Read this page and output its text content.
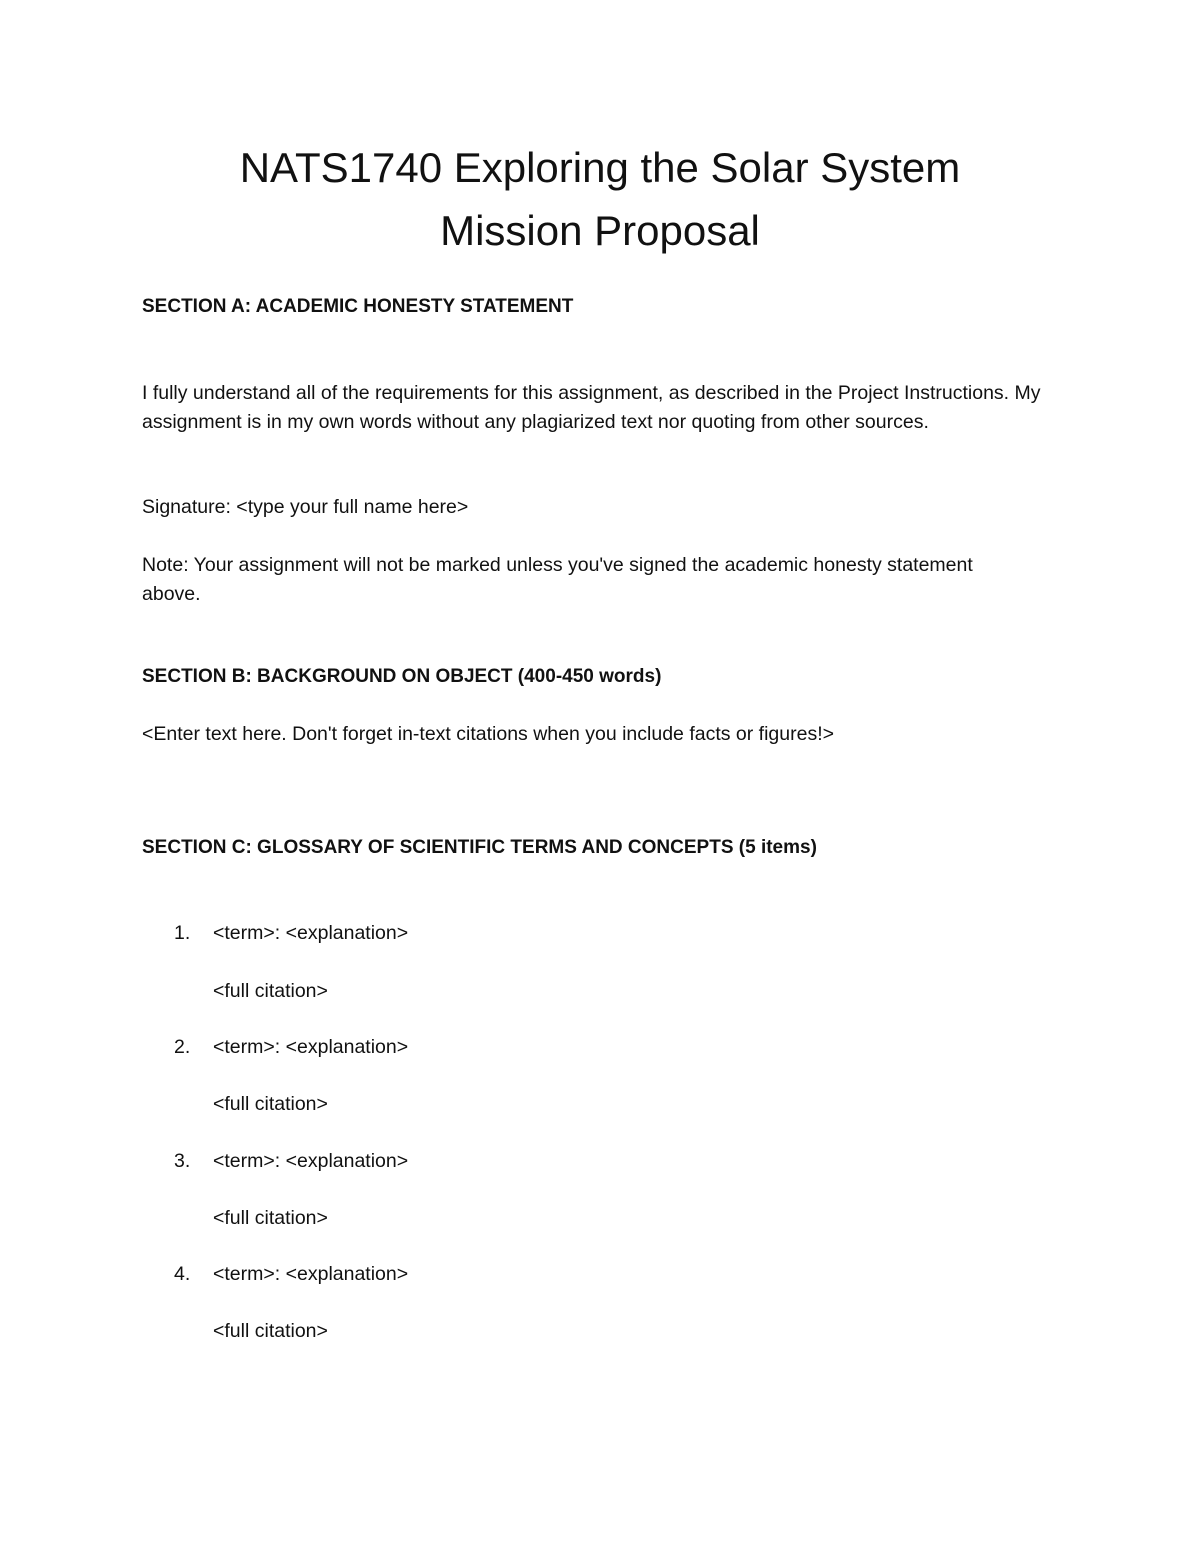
NATS1740 Exploring the Solar System
Mission Proposal
SECTION A: ACADEMIC HONESTY STATEMENT
I fully understand all of the requirements for this assignment, as described in the Project Instructions. My assignment is in my own words without any plagiarized text nor quoting from other sources.
Signature: <type your full name here>
Note: Your assignment will not be marked unless you've signed the academic honesty statement above.
SECTION B: BACKGROUND ON OBJECT (400-450 words)
<Enter text here. Don't forget in-text citations when you include facts or figures!>
SECTION C: GLOSSARY OF SCIENTIFIC TERMS AND CONCEPTS (5 items)
1. <term>: <explanation>
<full citation>
2. <term>: <explanation>
<full citation>
3. <term>: <explanation>
<full citation>
4. <term>: <explanation>
<full citation>
